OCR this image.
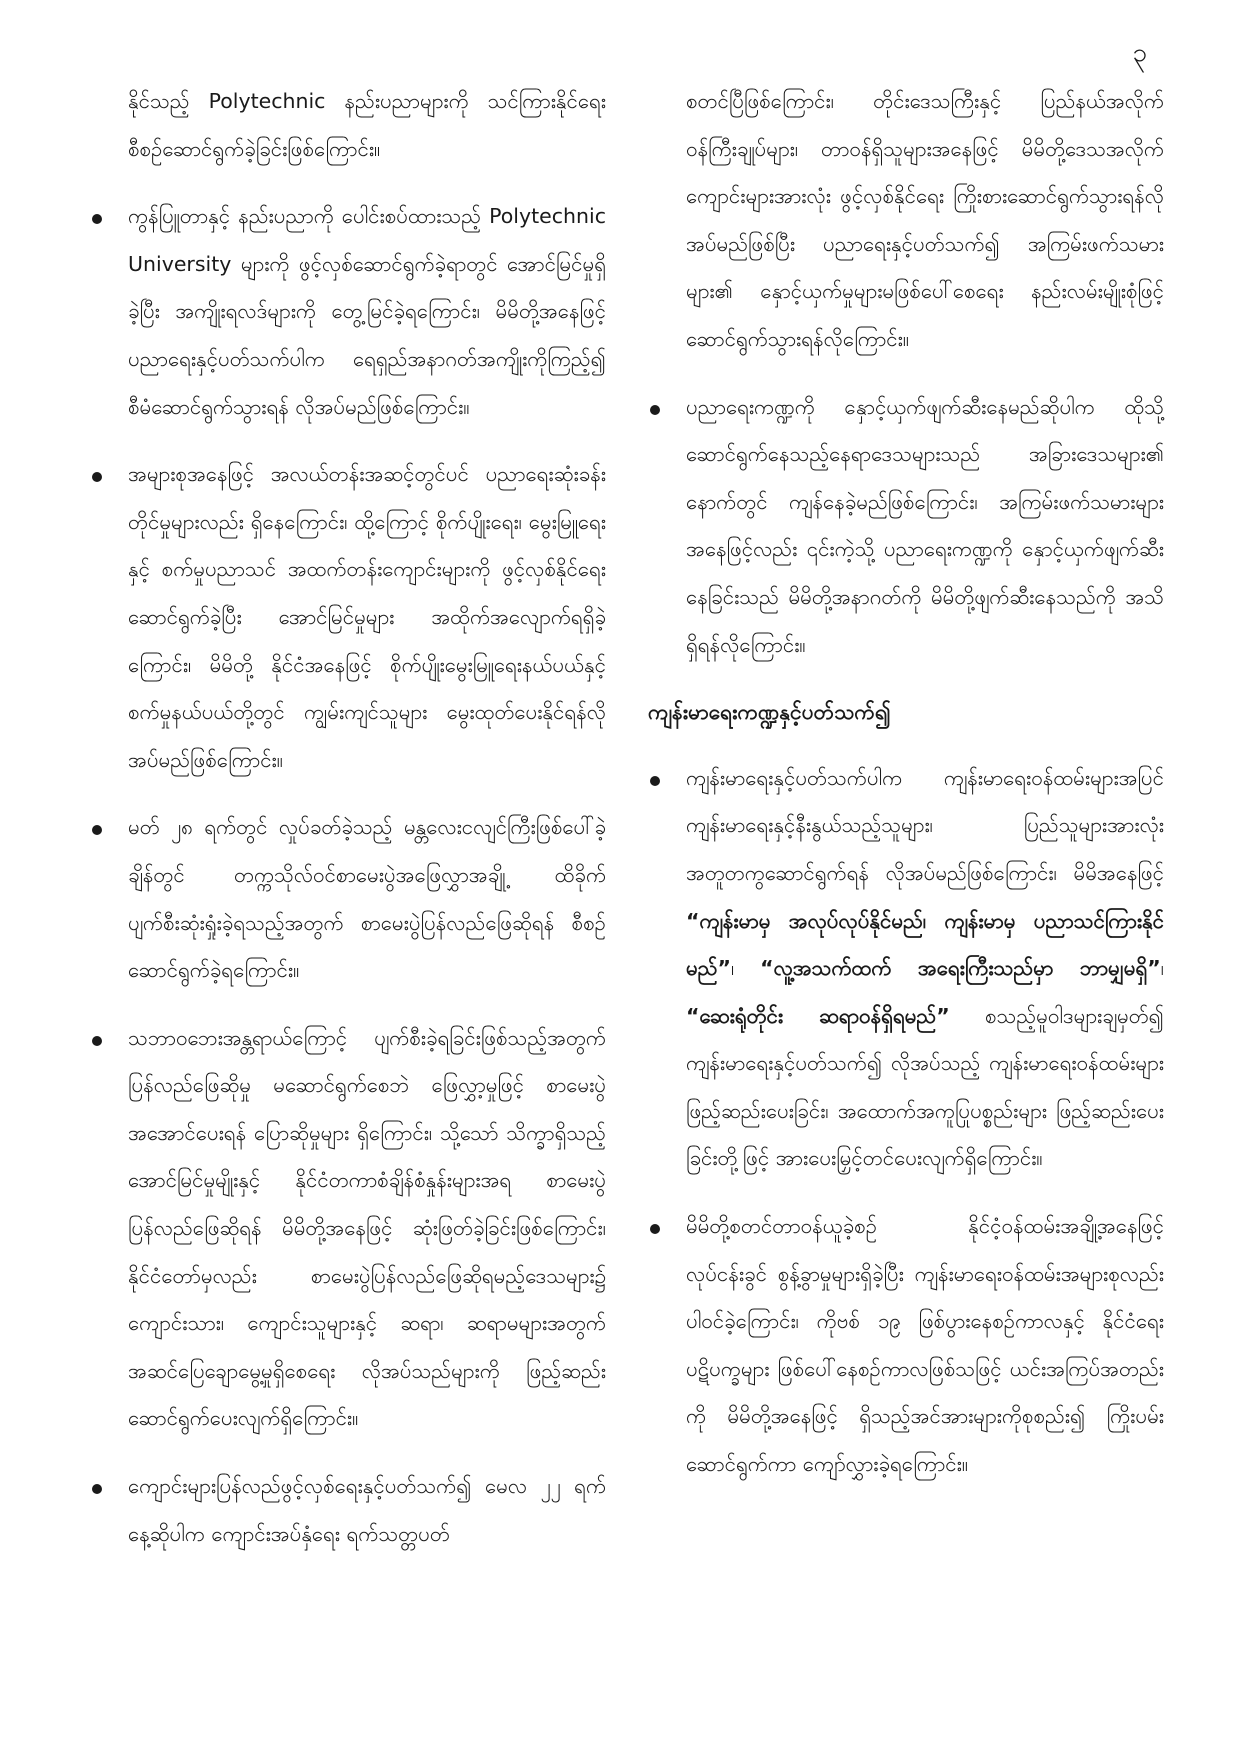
၃

နိုင်သည့် Polytechnic နည်းပညာများကို သင်ကြားနိုင်ရေး စီစဉ်ဆောင်ရွက်ခဲ့ခြင်းဖြစ်ကြောင်း။

ကွန်ပြူတာနှင့် နည်းပညာကို ပေါင်းစပ်ထားသည့် Polytechnic University များကို ဖွင့်လှစ်ဆောင်ရွက်ခဲ့ရာတွင် အောင်မြင်မှုရှိခဲ့ပြီး အကျိုးရလဒ်များကို တွေ့မြင်ခဲ့ရကြောင်း၊ မိမိတို့အနေဖြင့် ပညာရေးနှင့်ပတ်သက်ပါက ရေရှည်အနာဂတ်အကျိုးကိုကြည့်၍ စီမံဆောင်ရွက်သွားရန် လိုအပ်မည်ဖြစ်ကြောင်း။
အများစုအနေဖြင့် အလယ်တန်းအဆင့်တွင်ပင် ပညာရေးဆုံးခန်းတိုင်မှုများလည်း ရှိနေကြောင်း၊ ထို့ကြောင့် စိုက်ပျိုးရေး၊ မွေးမြူရေးနှင့် စက်မှုပညာသင် အထက်တန်းကျောင်းများကို ဖွင့်လှစ်နိုင်ရေး ဆောင်ရွက်ခဲ့ပြီး အောင်မြင်မှုများ အထိုက်အလျောက်ရရှိခဲ့ကြောင်း၊ မိမိတို့ နိုင်ငံအနေဖြင့် စိုက်ပျိုးမွေးမြူရေးနယ်ပယ်နှင့် စက်မှုနယ်ပယ်တို့တွင် ကျွမ်းကျင်သူများ မွေးထုတ်ပေးနိုင်ရန်လိုအပ်မည်ဖြစ်ကြောင်း။
မတ် ၂၈ ရက်တွင် လှုပ်ခတ်ခဲ့သည့် မန္တလေးငလျင်ကြီးဖြစ်ပေါ်ခဲ့ချိန်တွင် တက္ကသိုလ်ဝင်စာမေးပွဲအဖြေလွှာအချို့ ထိခိုက်ပျက်စီးဆုံးရှုံးခဲ့ရသည့်အတွက် စာမေးပွဲပြန်လည်ဖြေဆိုရန် စီစဉ်ဆောင်ရွက်ခဲ့ရကြောင်း။
သဘာဝဘေးအန္တရာယ်ကြောင့် ပျက်စီးခဲ့ရခြင်းဖြစ်သည့်အတွက် ပြန်လည်ဖြေဆိုမှု မဆောင်ရွက်စေဘဲ ဖြေလွှာ့မှုဖြင့် စာမေးပွဲအအောင်ပေးရန် ပြောဆိုမှုများ ရှိကြောင်း၊ သို့သော် သိက္ခာရှိသည့် အောင်မြင်မှုမျိုးနှင့် နိုင်ငံတကာစံချိန်စံနှုန်းများအရ စာမေးပွဲပြန်လည်ဖြေဆိုရန် မိမိတို့အနေဖြင့် ဆုံးဖြတ်ခဲ့ခြင်းဖြစ်ကြောင်း၊ နိုင်ငံတော်မှလည်း စာမေးပွဲပြန်လည်ဖြေဆိုရမည့်ဒေသများ၌ ကျောင်းသား၊ ကျောင်းသူများနှင့် ဆရာ၊ ဆရာမများအတွက် အဆင်ပြေချောမွေ့မှုရှိစေရေး လိုအပ်သည်များကို ဖြည့်ဆည်းဆောင်ရွက်ပေးလျက်ရှိကြောင်း။
ကျောင်းများပြန်လည်ဖွင့်လှစ်ရေးနှင့်ပတ်သက်၍ မေလ ၂၂ ရက်နေ့ဆိုပါက ကျောင်းအပ်နှံရေး ရက်သတ္တပတ်

စတင်ပြီဖြစ်ကြောင်း၊ တိုင်းဒေသကြီးနှင့် ပြည်နယ်အလိုက် ဝန်ကြီးချုပ်များ၊ တာဝန်ရှိသူများအနေဖြင့် မိမိတို့ဒေသအလိုက် ကျောင်းများအားလုံး ဖွင့်လှစ်နိုင်ရေး ကြိုးစားဆောင်ရွက်သွားရန်လိုအပ်မည်ဖြစ်ပြီး ပညာရေးနှင့်ပတ်သက်၍ အကြမ်းဖက်သမားများ၏ နှောင့်ယှက်မှုများမဖြစ်ပေါ်စေရေး နည်းလမ်းမျိုးစုံဖြင့် ဆောင်ရွက်သွားရန်လိုကြောင်း။

ပညာရေးကဏ္ဍကို နှောင့်ယှက်ဖျက်ဆီးနေမည်ဆိုပါက ထိုသို့ဆောင်ရွက်နေသည့်နေရာဒေသများသည် အခြားဒေသများ၏ နောက်တွင် ကျန်နေခဲ့မည်ဖြစ်ကြောင်း၊ အကြမ်းဖက်သမားများအနေဖြင့်လည်း ၎င်းကဲ့သို့ ပညာရေးကဏ္ဍကို နှောင့်ယှက်ဖျက်ဆီးနေခြင်းသည် မိမိတို့အနာဂတ်ကို မိမိတို့ဖျက်ဆီးနေသည်ကို အသိရှိရန်လိုကြောင်း။
ကျန်းမာရေးကဏ္ဍနှင့်ပတ်သက်၍
ကျန်းမာရေးနှင့်ပတ်သက်ပါက ကျန်းမာရေးဝန်ထမ်းများအပြင် ကျန်းမာရေးနှင့်နီးနွယ်သည့်သူများ၊ ပြည်သူများအားလုံး အတူတကွဆောင်ရွက်ရန် လိုအပ်မည်ဖြစ်ကြောင်း၊ မိမိအနေဖြင့် “ကျန်းမာမှ အလုပ်လုပ်နိုင်မည်၊ ကျန်းမာမှ ပညာသင်ကြားနိုင်မည်”၊ “လူ့အသက်ထက် အရေးကြီးသည်မှာ ဘာမျှမရှိ”၊ “ဆေးရုံတိုင်း ဆရာဝန်ရှိရမည်” စသည့်မူဝါဒများချမှတ်၍ ကျန်းမာရေးနှင့်ပတ်သက်၍ လိုအပ်သည့် ကျန်းမာရေးဝန်ထမ်းများ ဖြည့်ဆည်းပေးခြင်း၊ အထောက်အကူပြုပစ္စည်းများ ဖြည့်ဆည်းပေးခြင်းတို့ဖြင့် အားပေးမြှင့်တင်ပေးလျက်ရှိကြောင်း။
မိမိတို့စတင်တာဝန်ယူခဲ့စဉ် နိုင်ငံ့ဝန်ထမ်းအချို့အနေဖြင့် လုပ်ငန်းခွင် စွန့်ခွာမှုများရှိခဲ့ပြီး ကျန်းမာရေးဝန်ထမ်းအများစုလည်း ပါဝင်ခဲ့ကြောင်း၊ ကိုဗစ် ၁၉ ဖြစ်ပွားနေစဉ်ကာလနှင့် နိုင်ငံရေးပဋိပက္ခများ ဖြစ်ပေါ်နေစဉ်ကာလဖြစ်သဖြင့် ယင်းအကြပ်အတည်းကို မိမိတို့အနေဖြင့် ရှိသည့်အင်အားများကိုစုစည်း၍ ကြိုးပမ်းဆောင်ရွက်ကာ ကျော်လွှားခဲ့ရကြောင်း။
